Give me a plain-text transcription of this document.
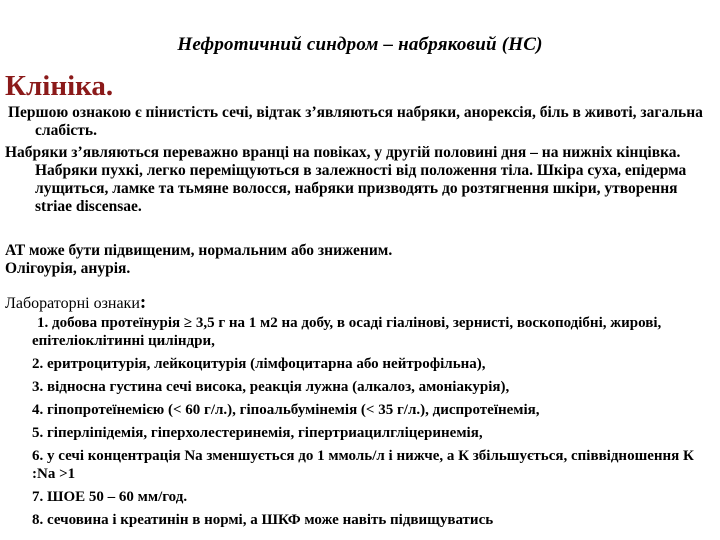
Нефротичний синдром – набряковий (НС)
Клініка.
Першою ознакою є пінистість сечі, відтак з’являються набряки, анорексія, біль в животі, загальна слабість.
Набряки з’являються переважно вранці на повіках, у другій половині дня – на нижніх кінцівка. Набряки пухкі, легко переміщуються в залежності від положення тіла. Шкіра суха, епідерма лущиться, ламке та тьмяне волосся, набряки призводять до розтягнення шкіри, утворення striae discensae.
АТ може бути підвищеним, нормальним або зниженим.
Олігоурія, анурія.
Лабораторні ознаки:
1. добова протеїнурія ≥ 3,5 г на 1 м2 на добу, в осаді гіалінові, зернисті, воскоподібні, жирові, епітеліоклітинні циліндри,
2. еритроцитурія, лейкоцитурія (лімфоцитарна або нейтрофільна),
3. відносна густина сечі висока, реакція лужна (алкалоз, амоніакурія),
4. гіпопротеїнемією (< 60 г/л.), гіпоальбумінемія (< 35 г/л.), диспротеїнемія,
5. гіперліпідемія, гіперхолестеринемія, гіпертриацилгліцеринемія,
6. у сечі концентрація Na зменшується до 1 ммоль/л і нижче, а К збільшується, співвідношення К :Na >1
7. ШОЕ 50 – 60 мм/год.
8. сечовина і креатинін в нормі, а ШКФ може навіть підвищуватись
